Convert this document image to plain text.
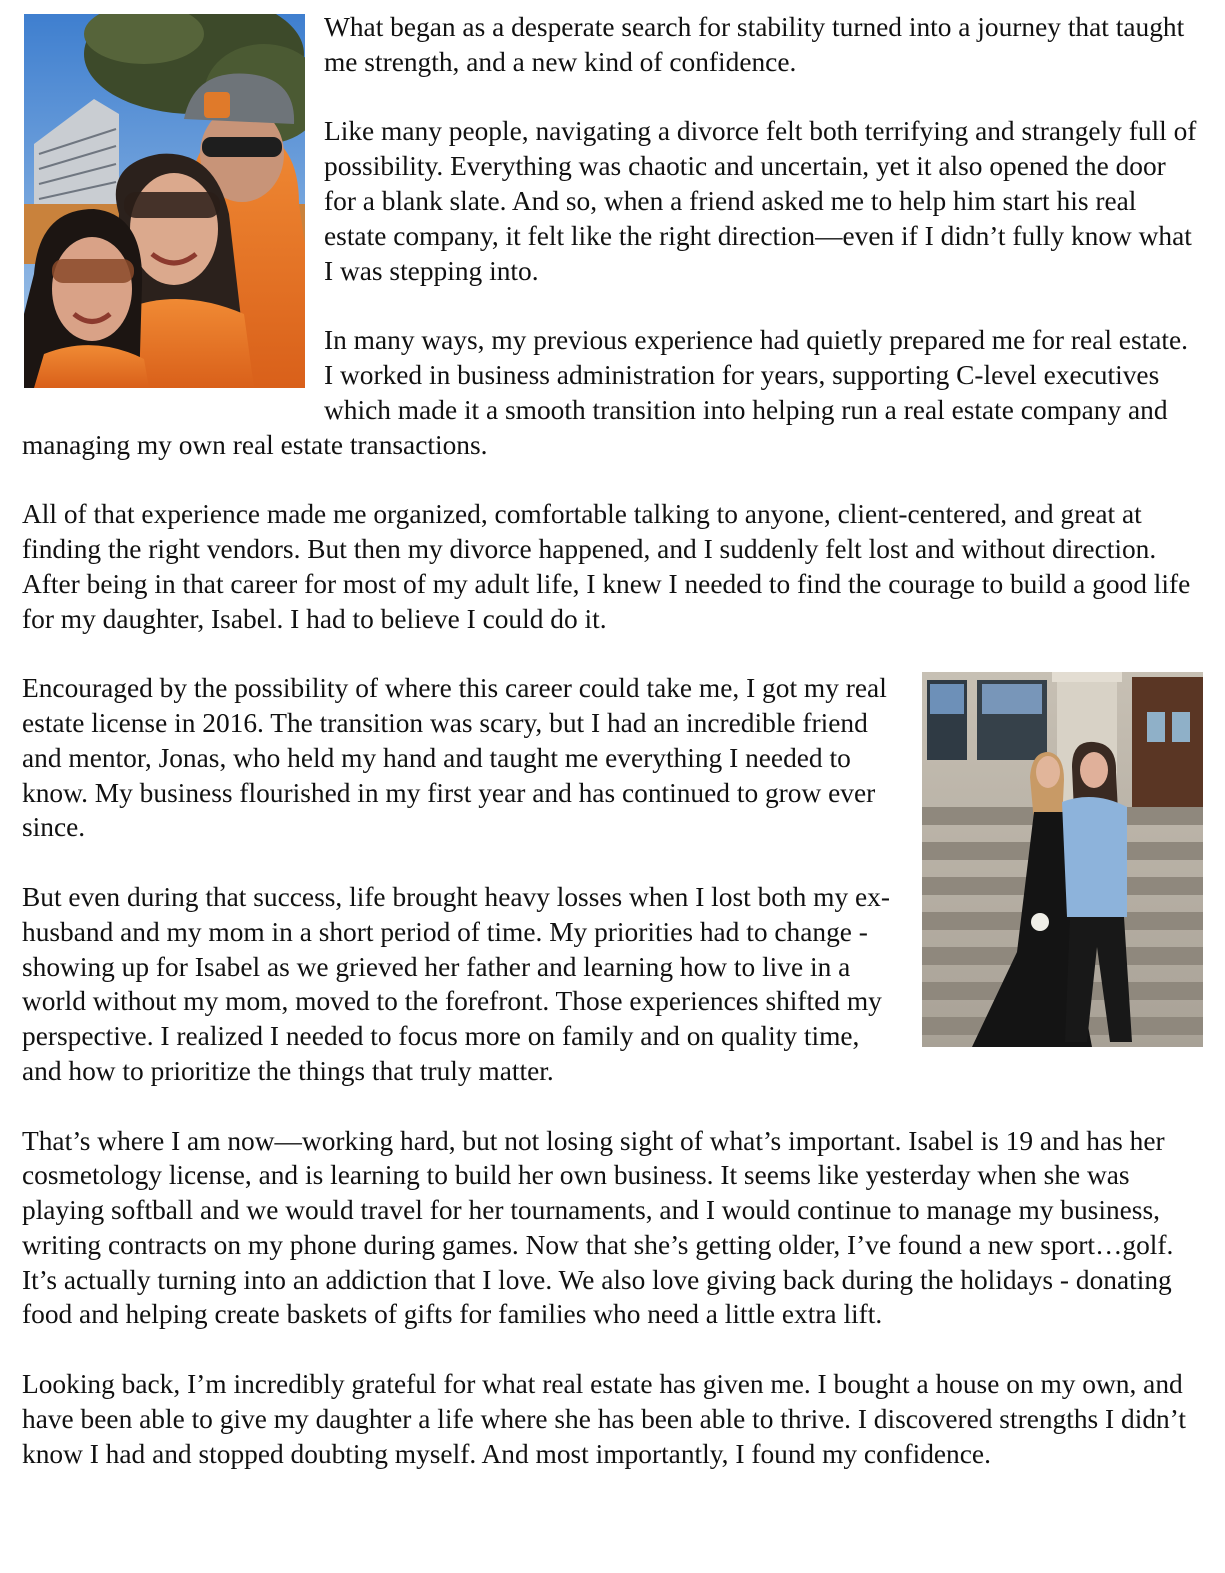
What began as a desperate search for stability turned into a journey that taught me strength, and a new kind of confidence.

Like many people, navigating a divorce felt both terrifying and strangely full of possibility. Everything was chaotic and uncertain, yet it also opened the door for a blank slate. And so, when a friend asked me to help him start his real estate company, it felt like the right direction—even if I didn’t fully know what I was stepping into.

In many ways, my previous experience had quietly prepared me for real estate. I worked in business administration for years, supporting C-level executives which made it a smooth transition into helping run a real estate company and managing my own real estate transactions.

All of that experience made me organized, comfortable talking to anyone, client-centered, and great at finding the right vendors. But then my divorce happened, and I suddenly felt lost and without direction. After being in that career for most of my adult life, I knew I needed to find the courage to build a good life for my daughter, Isabel. I had to believe I could do it.

Encouraged by the possibility of where this career could take me, I got my real estate license in 2016. The transition was scary, but I had an incredible friend and mentor, Jonas, who held my hand and taught me everything I needed to know. My business flourished in my first year and has continued to grow ever since.

But even during that success, life brought heavy losses when I lost both my ex-husband and my mom in a short period of time. My priorities had to change - showing up for Isabel as we grieved her father and learning how to live in a world without my mom, moved to the forefront. Those experiences shifted my perspective. I realized I needed to focus more on family and on quality time, and how to prioritize the things that truly matter.

That’s where I am now—working hard, but not losing sight of what’s important. Isabel is 19 and has her cosmetology license, and is learning to build her own business. It seems like yesterday when she was playing softball and we would travel for her tournaments, and I would continue to manage my business, writing contracts on my phone during games. Now that she’s getting older, I’ve found a new sport…golf. It’s actually turning into an addiction that I love. We also love giving back during the holidays - donating food and helping create baskets of gifts for families who need a little extra lift.

Looking back, I’m incredibly grateful for what real estate has given me. I bought a house on my own, and have been able to give my daughter a life where she has been able to thrive. I discovered strengths I didn’t know I had and stopped doubting myself. And most importantly, I found my confidence.
